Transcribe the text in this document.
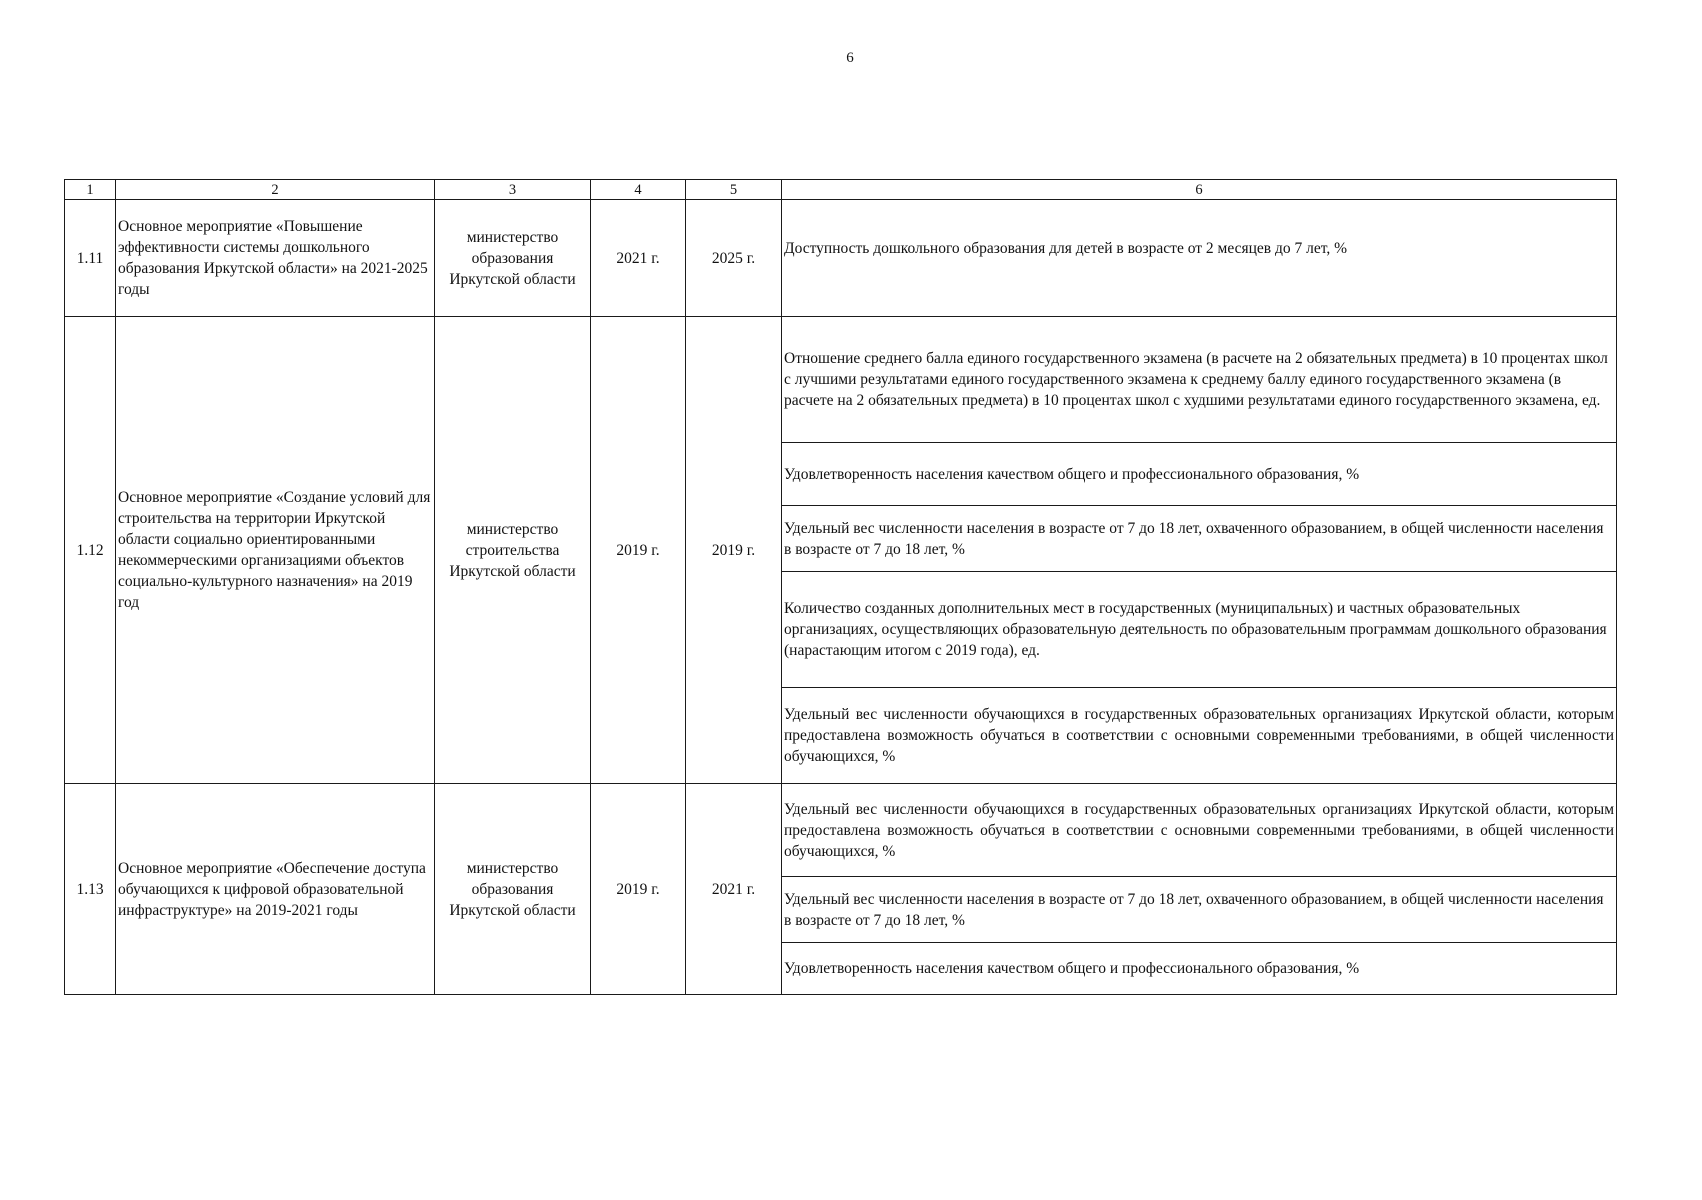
6
1	2	3	4	5	6
1.11	Основное мероприятие «Повышение эффективности системы дошкольного образования Иркутской области» на 2021-2025 годы	министерство образования Иркутской области	2021 г.	2025 г.	Доступность дошкольного образования для детей в возрасте от 2 месяцев до 7 лет, %
1.12	Основное мероприятие «Создание условий для строительства на территории Иркутской области социально ориентированными некоммерческими организациями объектов социально-культурного назначения» на 2019 год	министерство строительства Иркутской области	2019 г.	2019 г.	Отношение среднего балла единого государственного экзамена (в расчете на 2 обязательных предмета) в 10 процентах школ с лучшими результатами единого государственного экзамена к среднему баллу единого государственного экзамена (в расчете на 2 обязательных предмета) в 10 процентах школ с худшими результатами единого государственного экзамена, ед.
					Удовлетворенность населения качеством общего и профессионального образования, %
					Удельный вес численности населения в возрасте от 7 до 18 лет, охваченного образованием, в общей численности населения в возрасте от 7 до 18 лет, %
					Количество созданных дополнительных мест в государственных (муниципальных) и частных образовательных организациях, осуществляющих образовательную деятельность по образовательным программам дошкольного образования (нарастающим итогом с 2019 года), ед.
					Удельный вес численности обучающихся в государственных образовательных организациях Иркутской области, которым предоставлена возможность обучаться в соответствии с основными современными требованиями, в общей численности обучающихся, %
1.13	Основное мероприятие «Обеспечение доступа обучающихся к цифровой образовательной инфраструктуре» на 2019-2021 годы	министерство образования Иркутской области	2019 г.	2021 г.	Удельный вес численности обучающихся в государственных образовательных организациях Иркутской области, которым предоставлена возможность обучаться в соответствии с основными современными требованиями, в общей численности обучающихся, %
					Удельный вес численности населения в возрасте от 7 до 18 лет, охваченного образованием, в общей численности населения в возрасте от 7 до 18 лет, %
					Удовлетворенность населения качеством общего и профессионального образования, %
